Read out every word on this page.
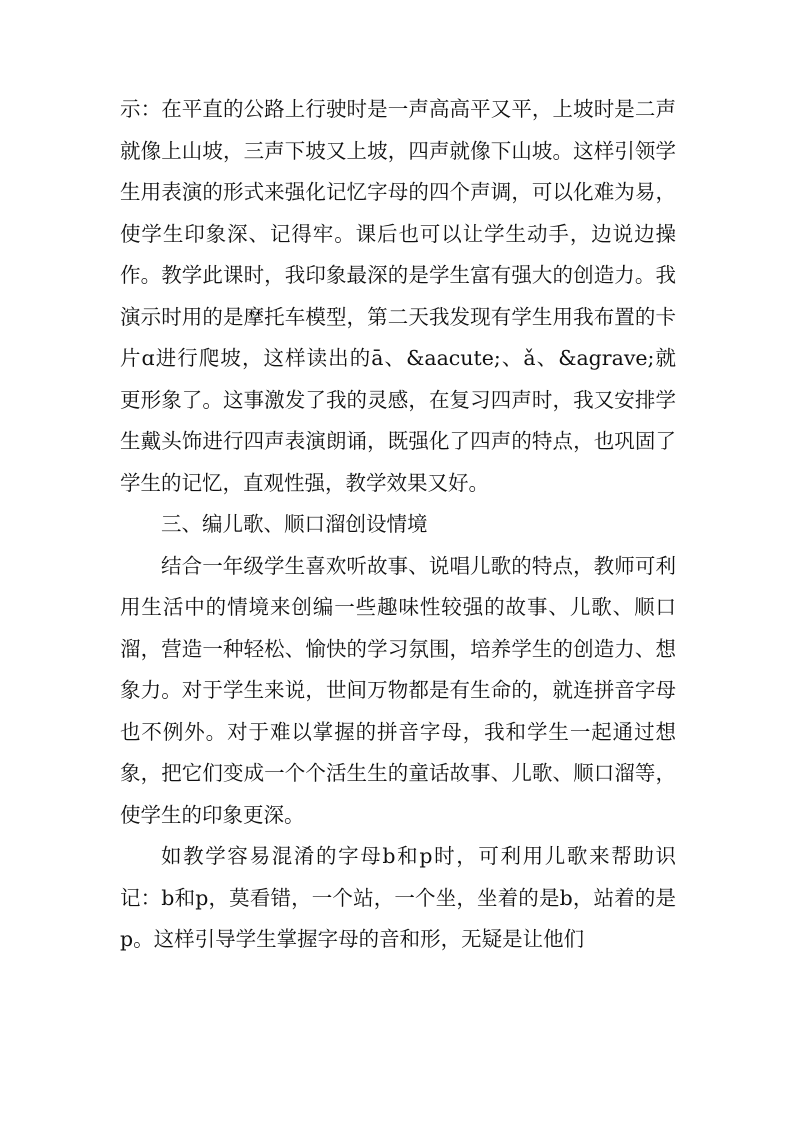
示：在平直的公路上行驶时是一声高高平又平，上坡时是二声就像上山坡，三声下坡又上坡，四声就像下山坡。这样引领学生用表演的形式来强化记忆字母的四个声调，可以化难为易，使学生印象深、记得牢。课后也可以让学生动手，边说边操作。教学此课时，我印象最深的是学生富有强大的创造力。我演示时用的是摩托车模型，第二天我发现有学生用我布置的卡片ɑ进行爬坡，这样读出的ā、&aacute;、ǎ、&agrave;就更形象了。这事激发了我的灵感，在复习四声时，我又安排学生戴头饰进行四声表演朗诵，既强化了四声的特点，也巩固了学生的记忆，直观性强，教学效果又好。

三、编儿歌、顺口溜创设情境

结合一年级学生喜欢听故事、说唱儿歌的特点，教师可利用生活中的情境来创编一些趣味性较强的故事、儿歌、顺口溜，营造一种轻松、愉快的学习氛围，培养学生的创造力、想象力。对于学生来说，世间万物都是有生命的，就连拼音字母也不例外。对于难以掌握的拼音字母，我和学生一起通过想象，把它们变成一个个活生生的童话故事、儿歌、顺口溜等，使学生的印象更深。

如教学容易混淆的字母b和p时，可利用儿歌来帮助识记：b和p，莫看错，一个站，一个坐，坐着的是b，站着的是p。这样引导学生掌握字母的音和形，无疑是让他们
